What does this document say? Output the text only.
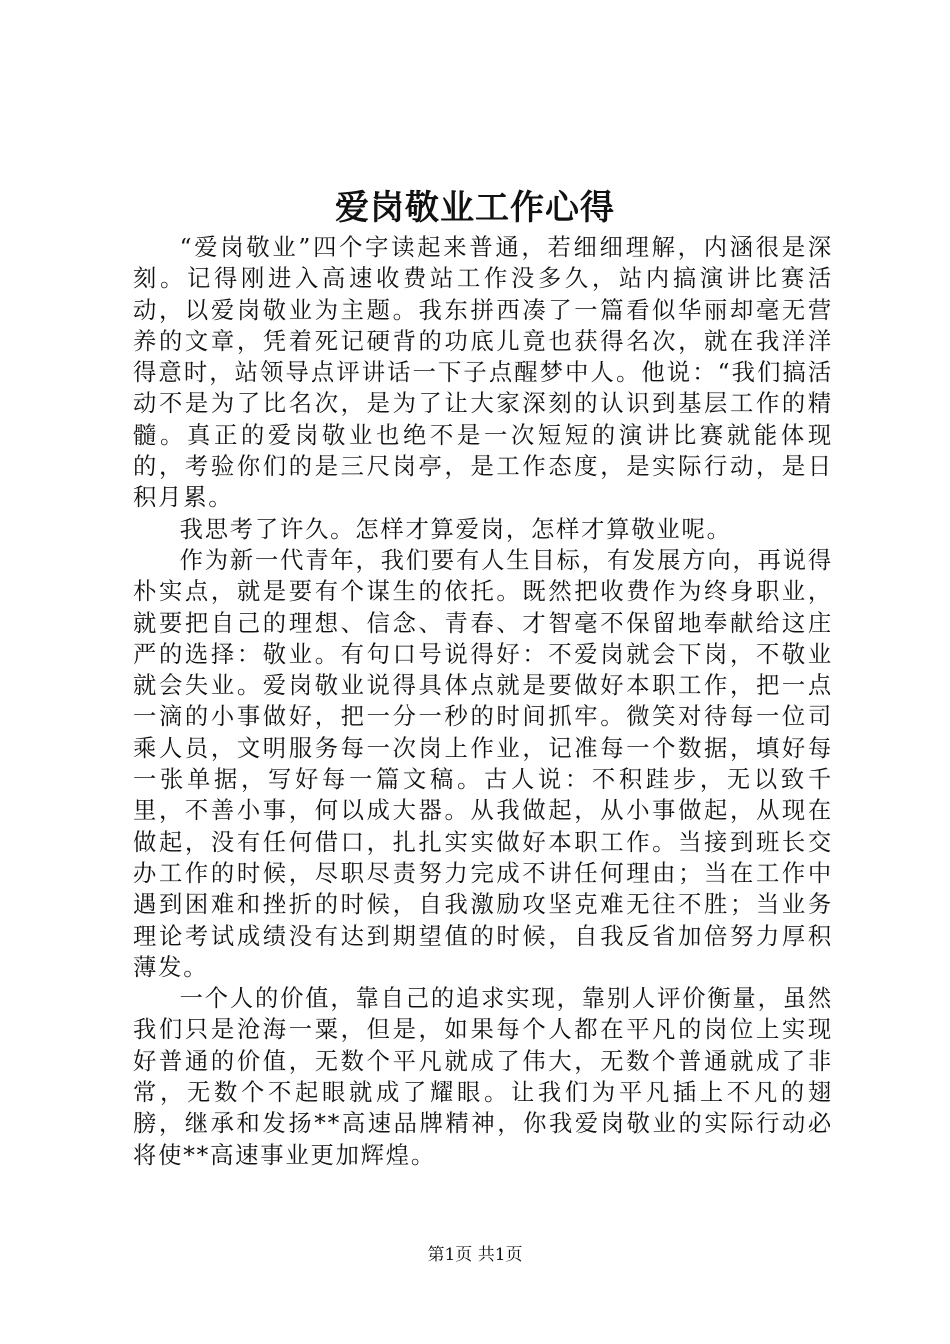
爱岗敬业工作心得

“爱岗敬业”四个字读起来普通，若细细理解，内涵很是深刻。记得刚进入高速收费站工作没多久，站内搞演讲比赛活动，以爱岗敬业为主题。我东拼西凑了一篇看似华丽却毫无营养的文章，凭着死记硬背的功底儿竟也获得名次，就在我洋洋得意时，站领导点评讲话一下子点醒梦中人。他说：“我们搞活动不是为了比名次，是为了让大家深刻的认识到基层工作的精髓。真正的爱岗敬业也绝不是一次短短的演讲比赛就能体现的，考验你们的是三尺岗亭，是工作态度，是实际行动，是日积月累。

我思考了许久。怎样才算爱岗，怎样才算敬业呢。

作为新一代青年，我们要有人生目标，有发展方向，再说得朴实点，就是要有个谋生的依托。既然把收费作为终身职业，就要把自己的理想、信念、青春、才智毫不保留地奉献给这庄严的选择：敬业。有句口号说得好：不爱岗就会下岗，不敬业就会失业。爱岗敬业说得具体点就是要做好本职工作，把一点一滴的小事做好，把一分一秒的时间抓牢。微笑对待每一位司乘人员，文明服务每一次岗上作业，记准每一个数据，填好每一张单据，写好每一篇文稿。古人说：不积跬步，无以致千里，不善小事，何以成大器。从我做起，从小事做起，从现在做起，没有任何借口，扎扎实实做好本职工作。当接到班长交办工作的时候，尽职尽责努力完成不讲任何理由；当在工作中遇到困难和挫折的时候，自我激励攻坚克难无往不胜；当业务理论考试成绩没有达到期望值的时候，自我反省加倍努力厚积薄发。

一个人的价值，靠自己的追求实现，靠别人评价衡量，虽然我们只是沧海一粟，但是，如果每个人都在平凡的岗位上实现好普通的价值，无数个平凡就成了伟大，无数个普通就成了非常，无数个不起眼就成了耀眼。让我们为平凡插上不凡的翅膀，继承和发扬**高速品牌精神，你我爱岗敬业的实际行动必将使**高速事业更加辉煌。

第1页 共1页
